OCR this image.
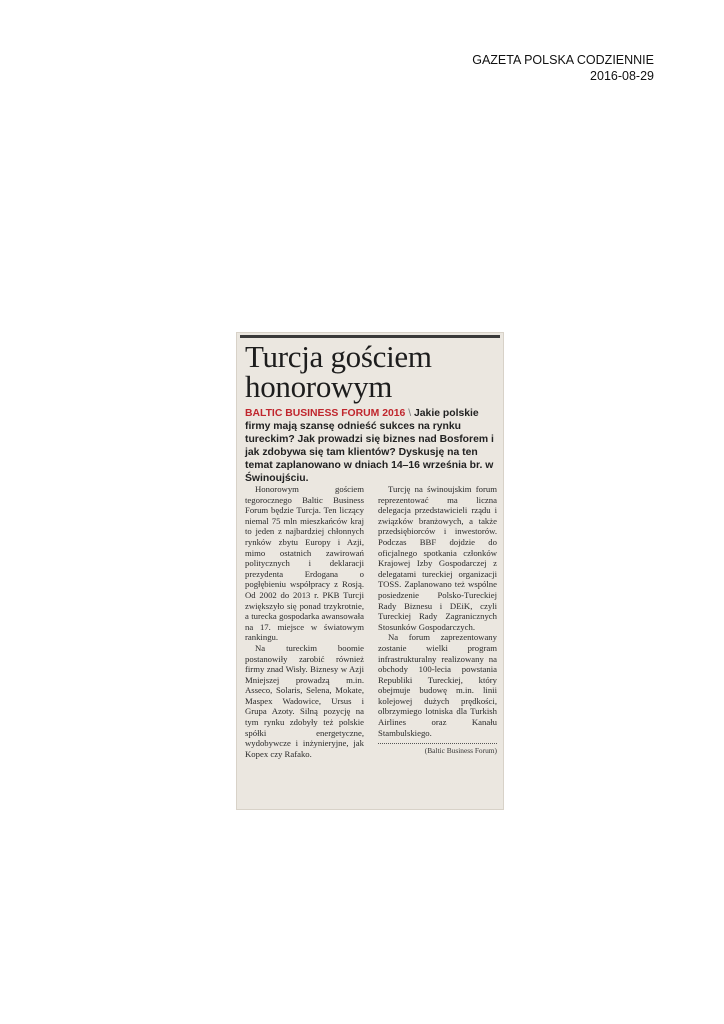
GAZETA POLSKA CODZIENNIE
2016-08-29
Turcja gościem honorowym
BALTIC BUSINESS FORUM 2016 \ Jakie polskie firmy mają szansę odnieść sukces na rynku tureckim? Jak prowadzi się biznes nad Bosforem i jak zdobywa się tam klientów? Dyskusję na ten temat zaplanowano w dniach 14–16 września br. w Świnoujściu.

Honorowym gościem tegorocznego Baltic Business Forum będzie Turcja. Ten liczący niemal 75 mln mieszkańców kraj to jeden z najbardziej chłonnych rynków zbytu Europy i Azji, mimo ostatnich zawirowań politycznych i deklaracji prezydenta Erdogana o pogłębieniu współpracy z Rosją. Od 2002 do 2013 r. PKB Turcji zwiększyło się ponad trzykrotnie, a turecka gospodarka awansowała na 17. miejsce w światowym rankingu.

Na tureckim boomie postanowiły zarobić również firmy znad Wisły. Biznesy w Azji Mniejszej prowadzą m.in. Asseco, Solaris, Selena, Mokate, Maspex Wadowice, Ursus i Grupa Azoty. Silną pozycję na tym rynku zdobyły też polskie spółki energetyczne, wydobywcze i inżynieryjne, jak Kopex czy Rafako.

Turcję na świnoujskim forum reprezentować ma liczna delegacja przedstawicieli rządu i związków branżowych, a także przedsiębiorców i inwestorów. Podczas BBF dojdzie do oficjalnego spotkania członków Krajowej Izby Gospodarczej z delegatami tureckiej organizacji TOSS. Zaplanowano też wspólne posiedzenie Polsko-Tureckiej Rady Biznesu i DEiK, czyli Tureckiej Rady Zagranicznych Stosunków Gospodarczych.

Na forum zaprezentowany zostanie wielki program infrastrukturalny realizowany na obchody 100-lecia powstania Republiki Tureckiej, który obejmuje budowę m.in. linii kolejowej dużych prędkości, olbrzymiego lotniska dla Turkish Airlines oraz Kanału Stambulskiego.

(Baltic Business Forum)
